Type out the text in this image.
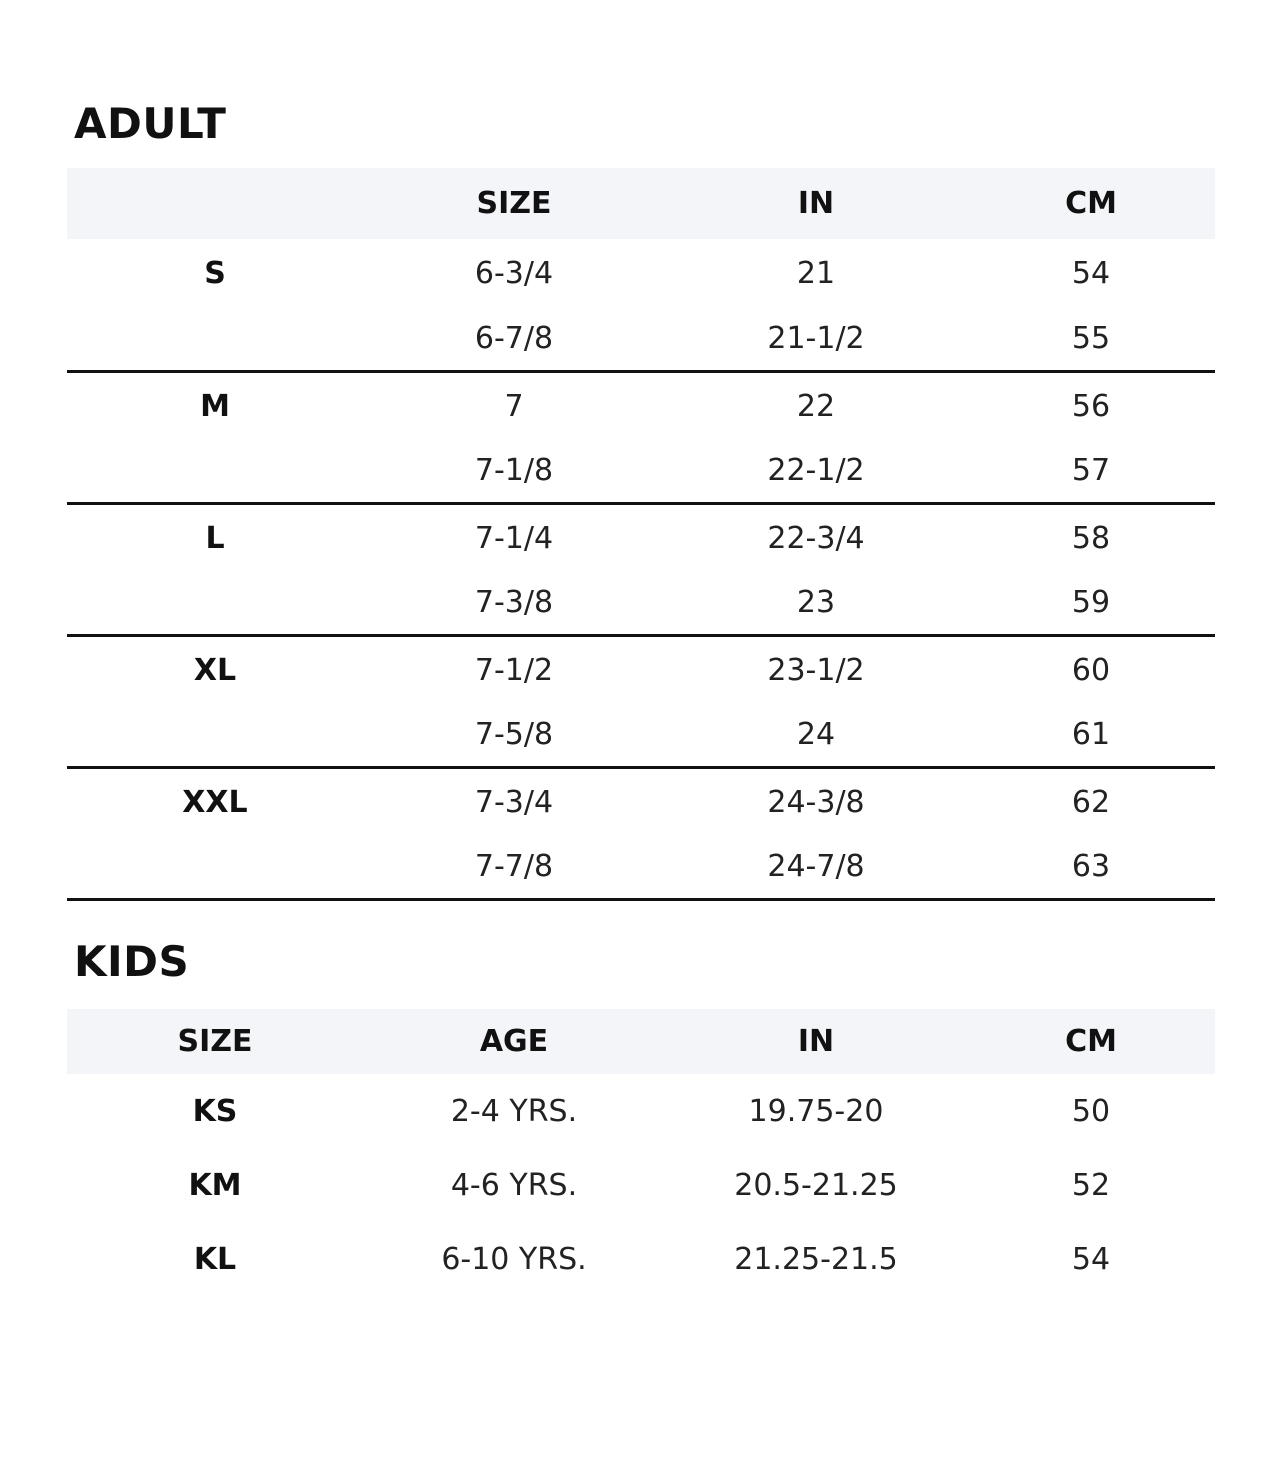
ADULT
	SIZE	IN	CM
S	6-3/4	21	54
	6-7/8	21-1/2	55
M	7	22	56
	7-1/8	22-1/2	57
L	7-1/4	22-3/4	58
	7-3/8	23	59
XL	7-1/2	23-1/2	60
	7-5/8	24	61
XXL	7-3/4	24-3/8	62
	7-7/8	24-7/8	63
KIDS
SIZE	AGE	IN	CM
KS	2-4 YRS.	19.75-20	50
KM	4-6 YRS.	20.5-21.25	52
KL	6-10 YRS.	21.25-21.5	54
